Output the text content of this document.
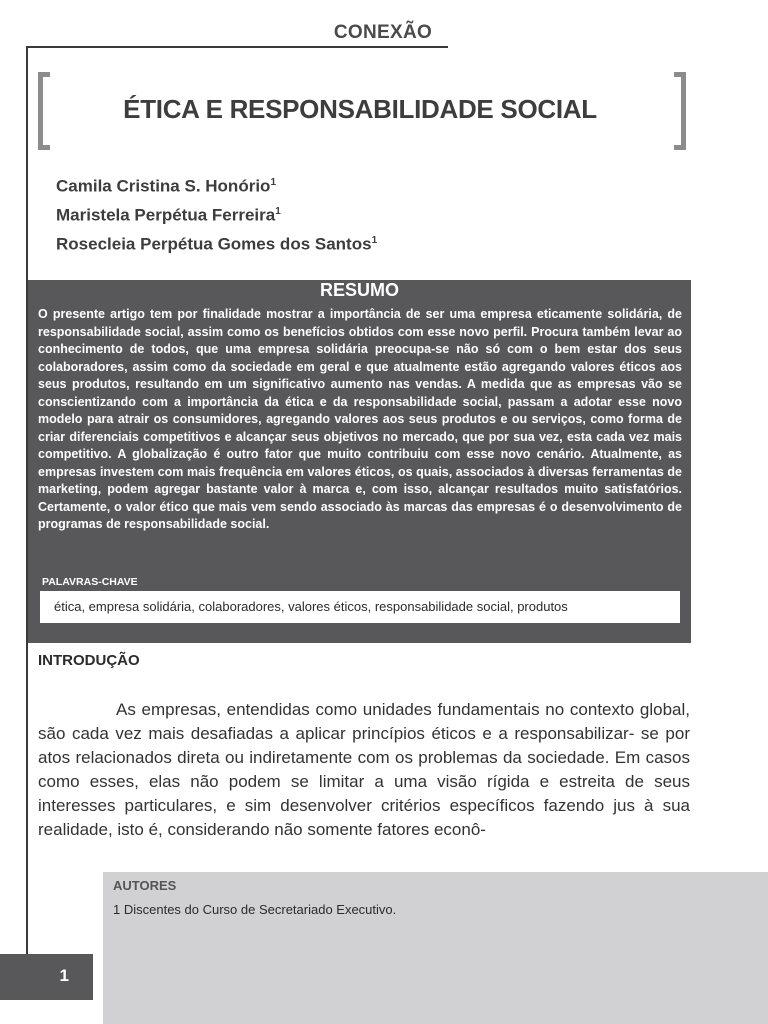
CONEXÃO
ÉTICA E RESPONSABILIDADE SOCIAL
Camila Cristina S. Honório$^1$
Maristela Perpétua Ferreira$^1$
Rosecleia Perpétua Gomes dos Santos$^1$
RESUMO

O presente artigo tem por finalidade mostrar a importância de ser uma empresa eticamente solidária, de responsabilidade social, assim como os benefícios obtidos com esse novo perfil. Procura também levar ao conhecimento de todos, que uma empresa solidária preocupa-se não só com o bem estar dos seus colaboradores, assim como da sociedade em geral e que atualmente estão agregando valores éticos aos seus produtos, resultando em um significativo aumento nas vendas. A medida que as empresas vão se conscientizando com a importância da ética e da responsabilidade social, passam a adotar esse novo modelo para atrair os consumidores, agregando valores aos seus produtos e ou serviços, como forma de criar diferenciais competitivos e alcançar seus objetivos no mercado, que por sua vez, esta cada vez mais competitivo. A globalização é outro fator que muito contribuiu com esse novo cenário. Atualmente, as empresas investem com mais frequência em valores éticos, os quais, associados à diversas ferramentas de marketing, podem agregar bastante valor à marca e, com isso, alcançar resultados muito satisfatórios. Certamente, o valor ético que mais vem sendo associado às marcas das empresas é o desenvolvimento de programas de responsabilidade social.

PALAVRAS-CHAVE
ética, empresa solidária, colaboradores, valores éticos, responsabilidade social, produtos
INTRODUÇÃO

As empresas, entendidas como unidades fundamentais no contexto global, são cada vez mais desafiadas a aplicar princípios éticos e a responsabilizar- se por atos relacionados direta ou indiretamente com os problemas da sociedade. Em casos como esses, elas não podem se limitar a uma visão rígida e estreita de seus interesses particulares, e sim desenvolver critérios específicos fazendo jus à sua realidade, isto é, considerando não somente fatores econô-

AUTORES
1 Discentes do Curso de Secretariado Executivo.
1
